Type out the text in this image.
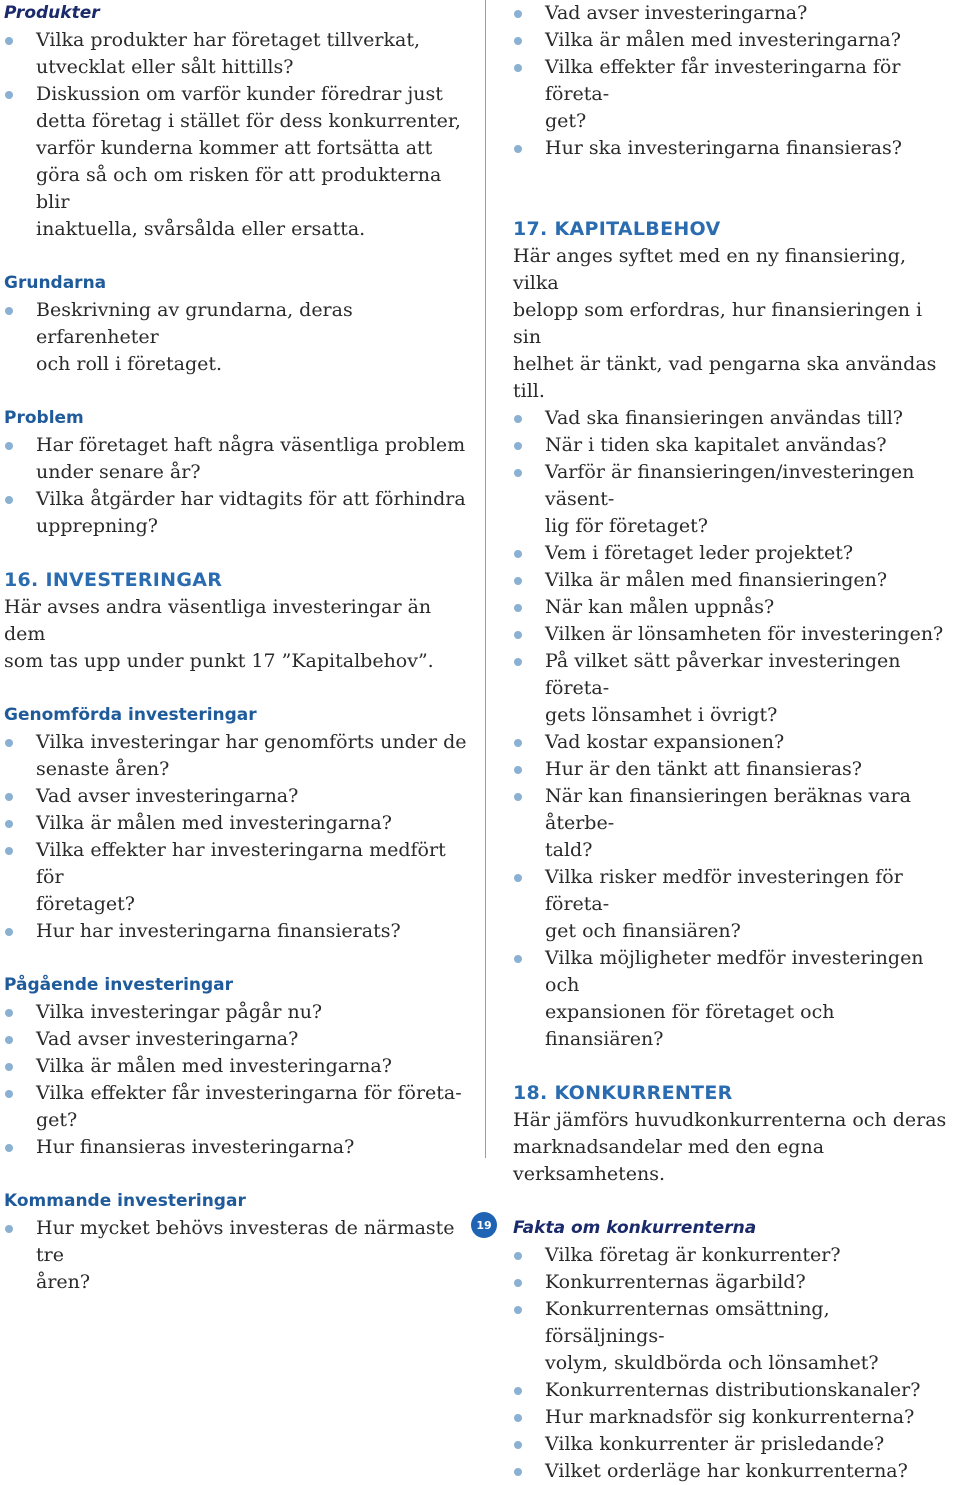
Produkter
Vilka produkter har företaget tillverkat,
utvecklat eller sålt hittills?
Diskussion om varför kunder föredrar just
detta företag i stället för dess konkurrenter,
varför kunderna kommer att fortsätta att
göra så och om risken för att produkterna blir
inaktuella, svårsålda eller ersatta.
Grundarna
Beskrivning av grundarna, deras erfarenheter
och roll i företaget.
Problem
Har företaget haft några väsentliga problem
under senare år?
Vilka åtgärder har vidtagits för att förhindra
upprepning?
16. INVESTERINGAR

Här avses andra väsentliga investeringar än dem
som tas upp under punkt 17 ”Kapitalbehov”.

Genomförda investeringar
Vilka investeringar har genomförts under de
senaste åren?
Vad avser investeringarna?
Vilka är målen med investeringarna?
Vilka effekter har investeringarna medfört för
företaget?
Hur har investeringarna finansierats?
Pågående investeringar
Vilka investeringar pågår nu?
Vad avser investeringarna?
Vilka är målen med investeringarna?
Vilka effekter får investeringarna för företa-
get?
Hur finansieras investeringarna?
Kommande investeringar
Hur mycket behövs investeras de närmaste tre
åren?
Vad avser investeringarna?
Vilka är målen med investeringarna?
Vilka effekter får investeringarna för företa-
get?
Hur ska investeringarna finansieras?
17. KAPITALBEHOV

Här anges syftet med en ny finansiering, vilka
belopp som erfordras, hur finansieringen i sin
helhet är tänkt, vad pengarna ska användas till.

Vad ska finansieringen användas till?
När i tiden ska kapitalet användas?
Varför är finansieringen/investeringen väsent-
lig för företaget?
Vem i företaget leder projektet?
Vilka är målen med finansieringen?
När kan målen uppnås?
Vilken är lönsamheten för investeringen?
På vilket sätt påverkar investeringen företa-
gets lönsamhet i övrigt?
Vad kostar expansionen?
Hur är den tänkt att finansieras?
När kan finansieringen beräknas vara återbe-
tald?
Vilka risker medför investeringen för företa-
get och finansiären?
Vilka möjligheter medför investeringen och
expansionen för företaget och finansiären?
18. KONKURRENTER

Här jämförs huvudkonkurrenterna och deras
marknadsandelar med den egna verksamhetens.

Fakta om konkurrenterna
Vilka företag är konkurrenter?
Konkurrenternas ägarbild?
Konkurrenternas omsättning, försäljnings-
volym, skuldbörda och lönsamhet?
Konkurrenternas distributionskanaler?
Hur marknadsför sig konkurrenterna?
Vilka konkurrenter är prisledande?
Vilket orderläge har konkurrenterna?
19
